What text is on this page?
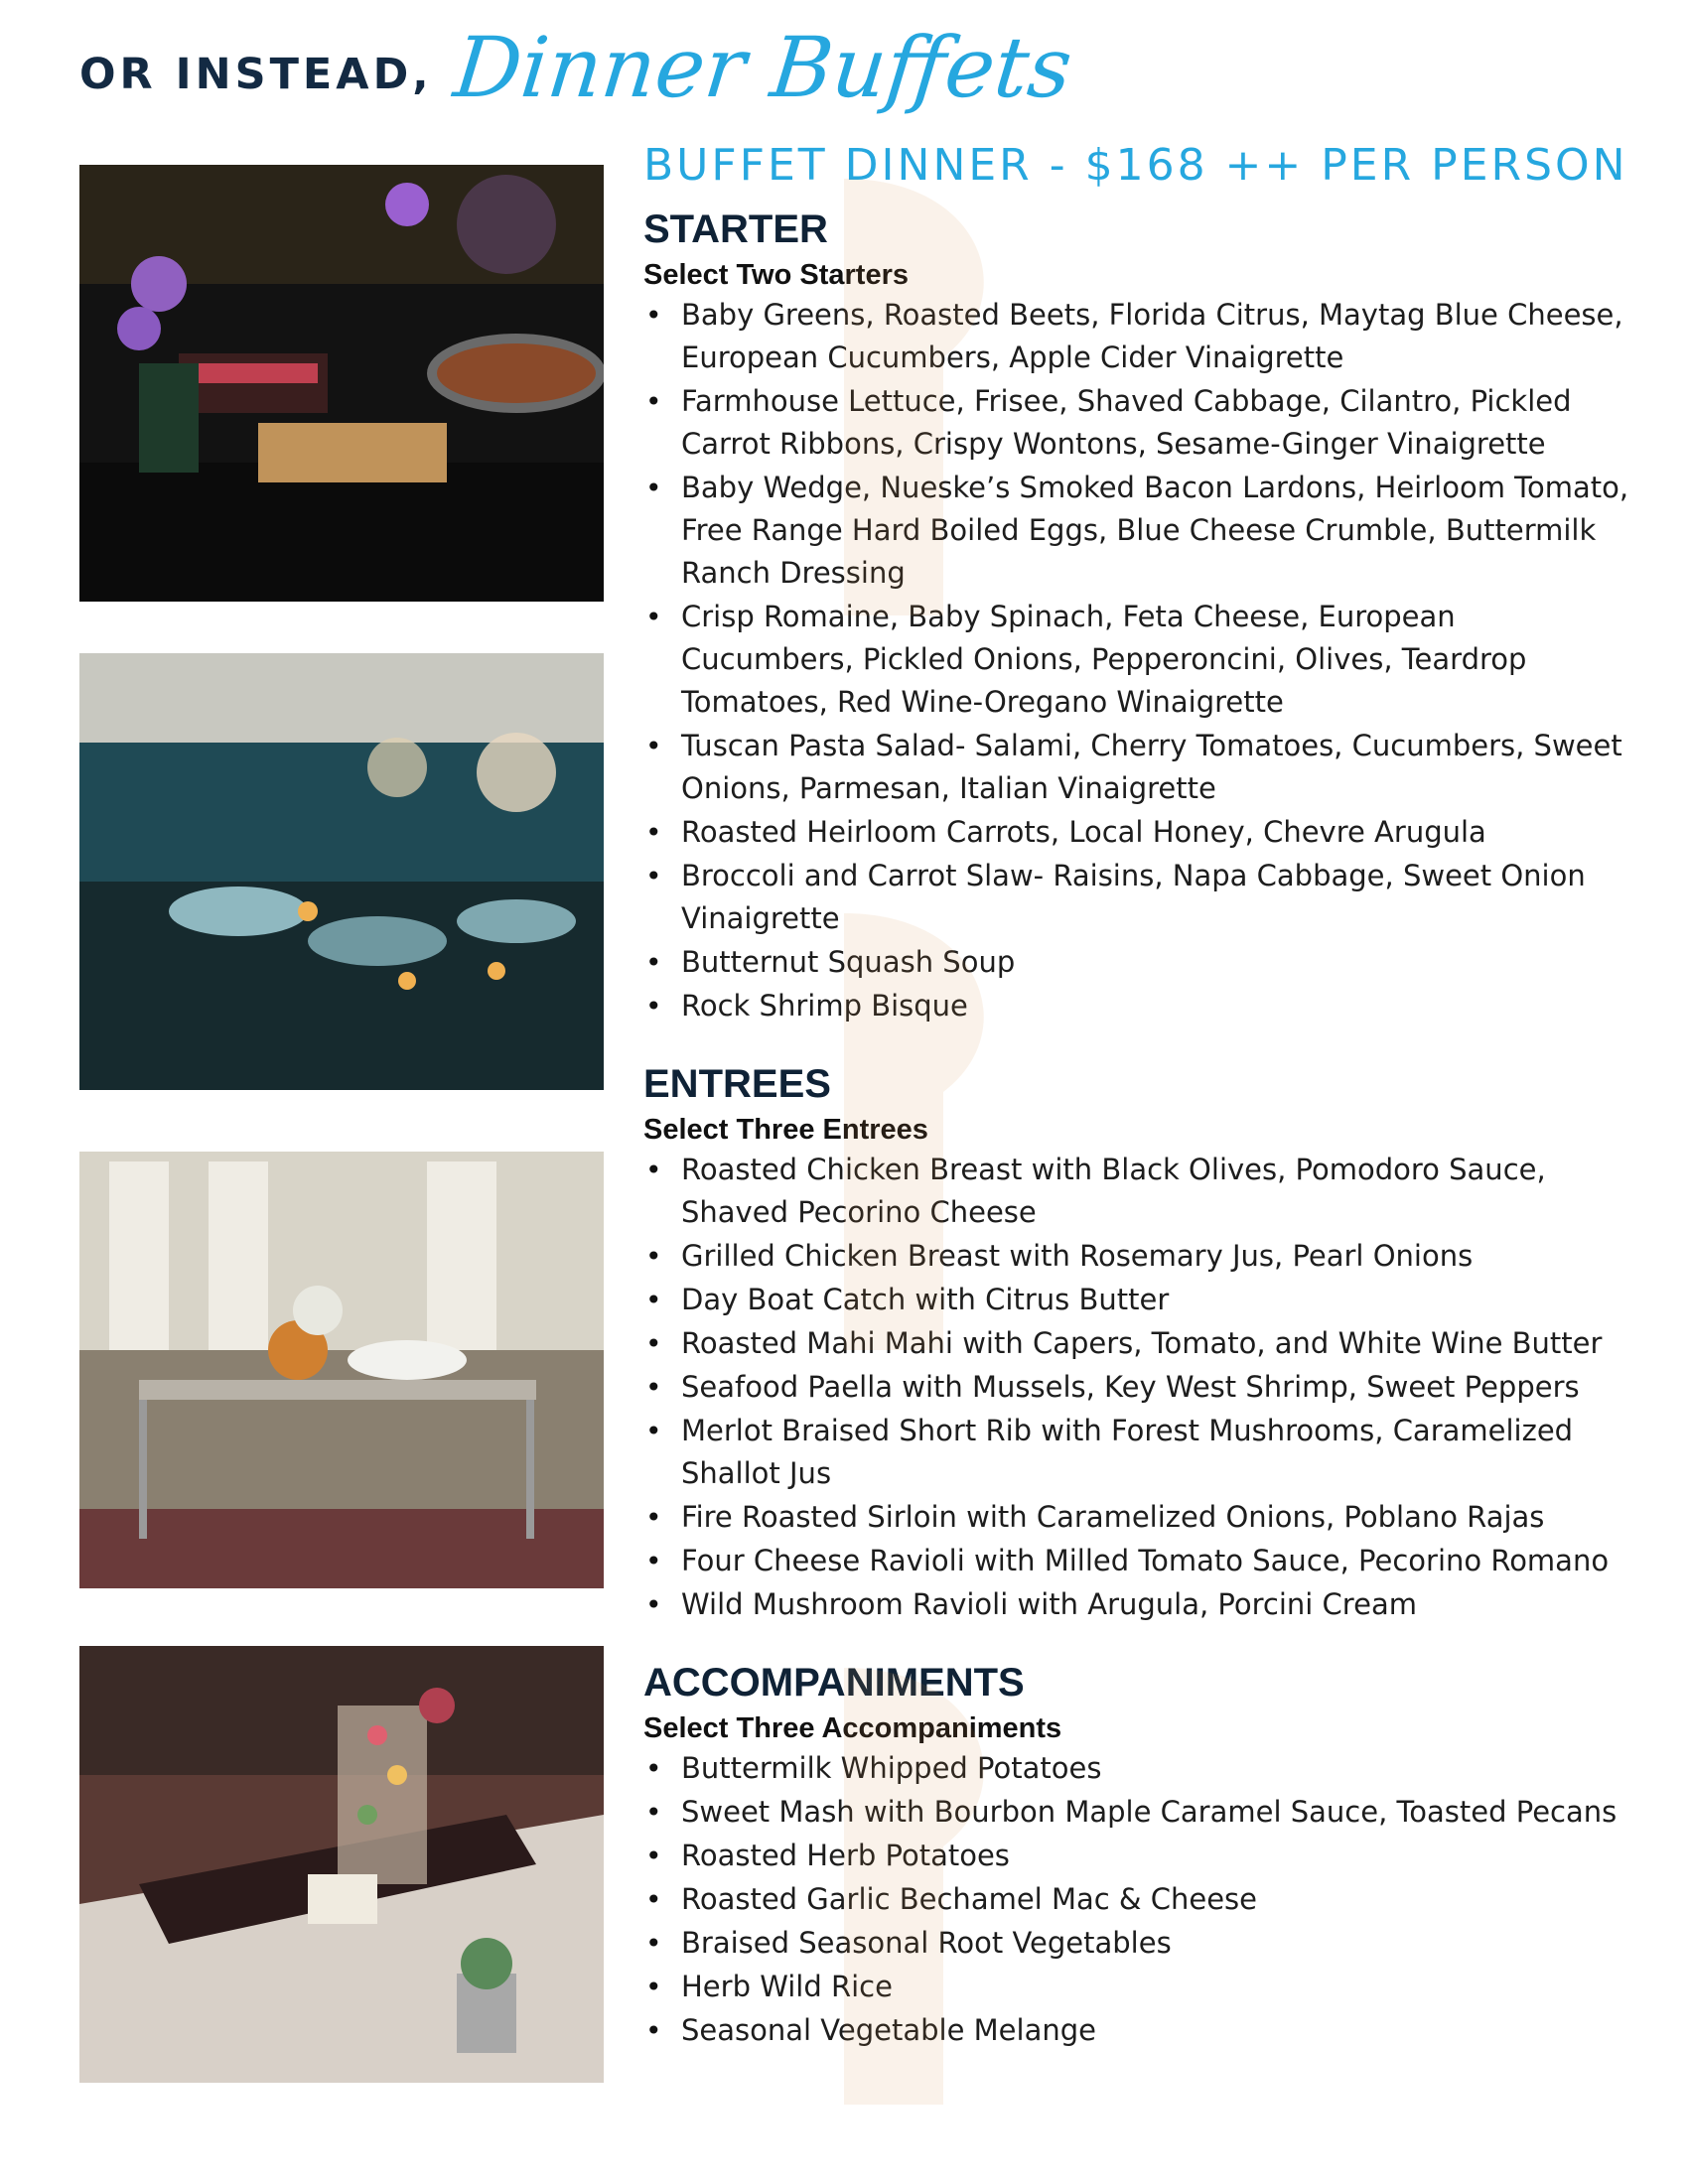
OR INSTEAD, Dinner Buffets
BUFFET DINNER - $168 ++ PER PERSON
STARTER
Select Two Starters
• Baby Greens, Roasted Beets, Florida Citrus, Maytag Blue Cheese, European Cucumbers, Apple Cider Vinaigrette
• Farmhouse Lettuce, Frisee, Shaved Cabbage, Cilantro, Pickled Carrot Ribbons, Crispy Wontons, Sesame-Ginger Vinaigrette
• Baby Wedge, Nueske’s Smoked Bacon Lardons, Heirloom Tomato, Free Range Hard Boiled Eggs, Blue Cheese Crumble, Buttermilk Ranch Dressing
• Crisp Romaine, Baby Spinach, Feta Cheese, European Cucumbers, Pickled Onions, Pepperoncini, Olives, Teardrop Tomatoes, Red Wine-Oregano Winaigrette
• Tuscan Pasta Salad- Salami, Cherry Tomatoes, Cucumbers, Sweet Onions, Parmesan, Italian Vinaigrette
• Roasted Heirloom Carrots, Local Honey, Chevre Arugula
• Broccoli and Carrot Slaw- Raisins, Napa Cabbage, Sweet Onion Vinaigrette
• Butternut Squash Soup
• Rock Shrimp Bisque
ENTREES
Select Three Entrees
• Roasted Chicken Breast with Black Olives, Pomodoro Sauce, Shaved Pecorino Cheese
• Grilled Chicken Breast with Rosemary Jus, Pearl Onions
• Day Boat Catch with Citrus Butter
• Roasted Mahi Mahi with Capers, Tomato, and White Wine Butter
• Seafood Paella with Mussels, Key West Shrimp, Sweet Peppers
• Merlot Braised Short Rib with Forest Mushrooms, Caramelized Shallot Jus
• Fire Roasted Sirloin with Caramelized Onions, Poblano Rajas
• Four Cheese Ravioli with Milled Tomato Sauce, Pecorino Romano
• Wild Mushroom Ravioli with Arugula, Porcini Cream
ACCOMPANIMENTS
Select Three Accompaniments
• Buttermilk Whipped Potatoes
• Sweet Mash with Bourbon Maple Caramel Sauce, Toasted Pecans
• Roasted Herb Potatoes
• Roasted Garlic Bechamel Mac & Cheese
• Braised Seasonal Root Vegetables
• Herb Wild Rice
• Seasonal Vegetable Melange
